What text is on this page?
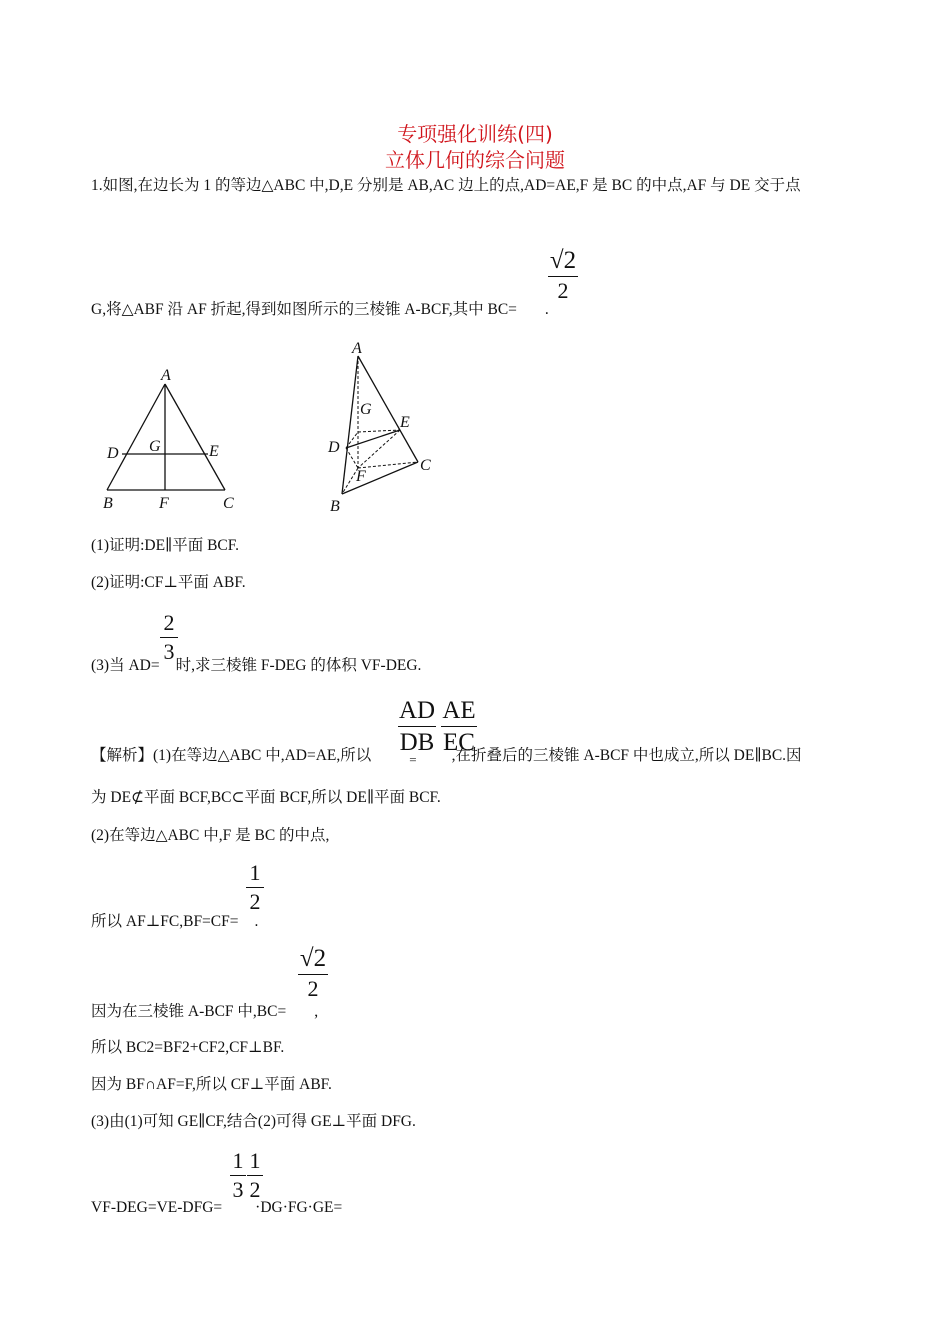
专项强化训练(四)
立体几何的综合问题
1.如图,在边长为 1 的等边△ABC 中,D,E 分别是 AB,AC 边上的点,AD=AE,F 是 BC 的中点,AF 与 DE 交于点
√2
2
G,将△ABF 沿 AF 折起,得到如图所示的三棱锥 A-BCF,其中 BC= .
A
B	C
D	E
F
G
A
B
C
D
E
F
G
(1)证明:DE∥平面 BCF.
(2)证明:CF⊥平面 ABF.
2
3
(3)当 AD= 时,求三棱锥 F-DEG 的体积 VF-DEG.
AD
DB
AE
EC
【解析】(1)在等边△ABC 中,AD=AE,所以	$_=$ ,在折叠后的三棱锥 A-BCF 中也成立,所以 DE∥BC.因
为 DE⊄平面 BCF,BC⊂平面 BCF,所以 DE∥平面 BCF.
(2)在等边△ABC 中,F 是 BC 的中点,
1
2
所以 AF⊥FC,BF=CF= .
√2
2
因为在三棱锥 A-BCF 中,BC= ,
所以 BC2=BF2+CF2,CF⊥BF.
因为 BF∩AF=F,所以 CF⊥平面 ABF.
(3)由(1)可知 GE∥CF,结合(2)可得 GE⊥平面 DFG.
1
3
1
2
VF-DEG=VE-DFG= ·DG·FG·GE=
